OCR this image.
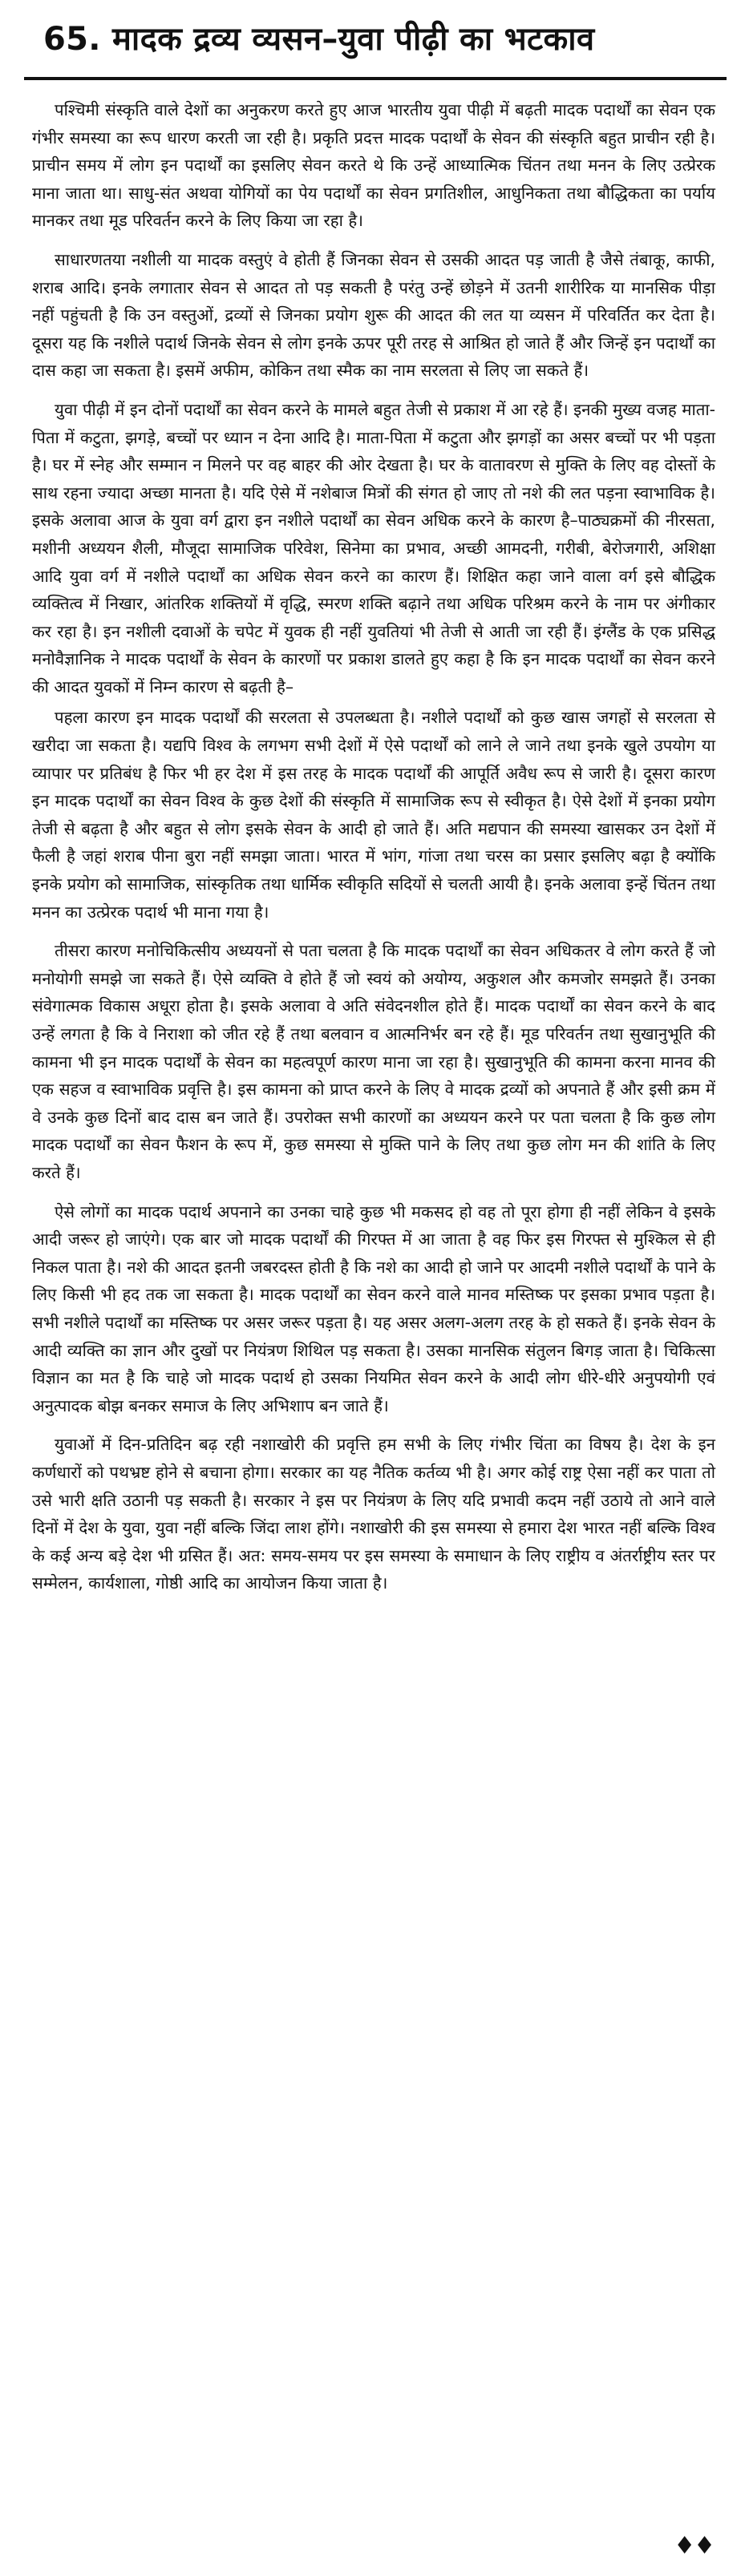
65. मादक द्रव्य व्यसन–युवा पीढ़ी का भटकाव

पश्चिमी संस्कृति वाले देशों का अनुकरण करते हुए आज भारतीय युवा पीढ़ी में बढ़ती मादक पदार्थों का सेवन एक गंभीर समस्या का रूप धारण करती जा रही है। प्रकृति प्रदत्त मादक पदार्थों के सेवन की संस्कृति बहुत प्राचीन रही है। प्राचीन समय में लोग इन पदार्थों का इसलिए सेवन करते थे कि उन्हें आध्यात्मिक चिंतन तथा मनन के लिए उत्प्रेरक माना जाता था। साधु-संत अथवा योगियों का पेय पदार्थों का सेवन प्रगतिशील, आधुनिकता तथा बौद्धिकता का पर्याय मानकर तथा मूड परिवर्तन करने के लिए किया जा रहा है।

साधारणतया नशीली या मादक वस्तुएं वे होती हैं जिनका सेवन से उसकी आदत पड़ जाती है जैसे तंबाकू, काफी, शराब आदि। इनके लगातार सेवन से आदत तो पड़ सकती है परंतु उन्हें छोड़ने में उतनी शारीरिक या मानसिक पीड़ा नहीं पहुंचती है कि उन वस्तुओं, द्रव्यों से जिनका प्रयोग शुरू की आदत की लत या व्यसन में परिवर्तित कर देता है। दूसरा यह कि नशीले पदार्थ जिनके सेवन से लोग इनके ऊपर पूरी तरह से आश्रित हो जाते हैं और जिन्हें इन पदार्थों का दास कहा जा सकता है। इसमें अफीम, कोकिन तथा स्मैक का नाम सरलता से लिए जा सकते हैं।

युवा पीढ़ी में इन दोनों पदार्थों का सेवन करने के मामले बहुत तेजी से प्रकाश में आ रहे हैं। इनकी मुख्य वजह माता-पिता में कटुता, झगड़े, बच्चों पर ध्यान न देना आदि है। माता-पिता में कटुता और झगड़ों का असर बच्चों पर भी पड़ता है। घर में स्नेह और सम्मान न मिलने पर वह बाहर की ओर देखता है। घर के वातावरण से मुक्ति के लिए वह दोस्तों के साथ रहना ज्यादा अच्छा मानता है। यदि ऐसे में नशेबाज मित्रों की संगत हो जाए तो नशे की लत पड़ना स्वाभाविक है। इसके अलावा आज के युवा वर्ग द्वारा इन नशीले पदार्थों का सेवन अधिक करने के कारण है–पाठ्यक्रमों की नीरसता, मशीनी अध्ययन शैली, मौजूदा सामाजिक परिवेश, सिनेमा का प्रभाव, अच्छी आमदनी, गरीबी, बेरोजगारी, अशिक्षा आदि युवा वर्ग में नशीले पदार्थों का अधिक सेवन करने का कारण हैं। शिक्षित कहा जाने वाला वर्ग इसे बौद्धिक व्यक्तित्व में निखार, आंतरिक शक्तियों में वृद्धि, स्मरण शक्ति बढ़ाने तथा अधिक परिश्रम करने के नाम पर अंगीकार कर रहा है। इन नशीली दवाओं के चपेट में युवक ही नहीं युवतियां भी तेजी से आती जा रही हैं। इंग्लैंड के एक प्रसिद्ध मनोवैज्ञानिक ने मादक पदार्थों के सेवन के कारणों पर प्रकाश डालते हुए कहा है कि इन मादक पदार्थों का सेवन करने की आदत युवकों में निम्न कारण से बढ़ती है–

पहला कारण इन मादक पदार्थों की सरलता से उपलब्धता है। नशीले पदार्थों को कुछ खास जगहों से सरलता से खरीदा जा सकता है। यद्यपि विश्व के लगभग सभी देशों में ऐसे पदार्थों को लाने ले जाने तथा इनके खुले उपयोग या व्यापार पर प्रतिबंध है फिर भी हर देश में इस तरह के मादक पदार्थों की आपूर्ति अवैध रूप से जारी है। दूसरा कारण इन मादक पदार्थों का सेवन विश्व के कुछ देशों की संस्कृति में सामाजिक रूप से स्वीकृत है। ऐसे देशों में इनका प्रयोग तेजी से बढ़ता है और बहुत से लोग इसके सेवन के आदी हो जाते हैं। अति मद्यपान की समस्या खासकर उन देशों में फैली है जहां शराब पीना बुरा नहीं समझा जाता। भारत में भांग, गांजा तथा चरस का प्रसार इसलिए बढ़ा है क्योंकि इनके प्रयोग को सामाजिक, सांस्कृतिक तथा धार्मिक स्वीकृति सदियों से चलती आयी है। इनके अलावा इन्हें चिंतन तथा मनन का उत्प्रेरक पदार्थ भी माना गया है।

तीसरा कारण मनोचिकित्सीय अध्ययनों से पता चलता है कि मादक पदार्थों का सेवन अधिकतर वे लोग करते हैं जो मनोयोगी समझे जा सकते हैं। ऐसे व्यक्ति वे होते हैं जो स्वयं को अयोग्य, अकुशल और कमजोर समझते हैं। उनका संवेगात्मक विकास अधूरा होता है। इसके अलावा वे अति संवेदनशील होते हैं। मादक पदार्थों का सेवन करने के बाद उन्हें लगता है कि वे निराशा को जीत रहे हैं तथा बलवान व आत्मनिर्भर बन रहे हैं। मूड परिवर्तन तथा सुखानुभूति की कामना भी इन मादक पदार्थों के सेवन का महत्वपूर्ण कारण माना जा रहा है। सुखानुभूति की कामना करना मानव की एक सहज व स्वाभाविक प्रवृत्ति है। इस कामना को प्राप्त करने के लिए वे मादक द्रव्यों को अपनाते हैं और इसी क्रम में वे उनके कुछ दिनों बाद दास बन जाते हैं। उपरोक्त सभी कारणों का अध्ययन करने पर पता चलता है कि कुछ लोग मादक पदार्थों का सेवन फैशन के रूप में, कुछ समस्या से मुक्ति पाने के लिए तथा कुछ लोग मन की शांति के लिए करते हैं।

ऐसे लोगों का मादक पदार्थ अपनाने का उनका चाहे कुछ भी मकसद हो वह तो पूरा होगा ही नहीं लेकिन वे इसके आदी जरूर हो जाएंगे। एक बार जो मादक पदार्थों की गिरफ्त में आ जाता है वह फिर इस गिरफ्त से मुश्किल से ही निकल पाता है। नशे की आदत इतनी जबरदस्त होती है कि नशे का आदी हो जाने पर आदमी नशीले पदार्थों के पाने के लिए किसी भी हद तक जा सकता है। मादक पदार्थों का सेवन करने वाले मानव मस्तिष्क पर इसका प्रभाव पड़ता है। सभी नशीले पदार्थों का मस्तिष्क पर असर जरूर पड़ता है। यह असर अलग-अलग तरह के हो सकते हैं। इनके सेवन के आदी व्यक्ति का ज्ञान और दुखों पर नियंत्रण शिथिल पड़ सकता है। उसका मानसिक संतुलन बिगड़ जाता है। चिकित्सा विज्ञान का मत है कि चाहे जो मादक पदार्थ हो उसका नियमित सेवन करने के आदी लोग धीरे-धीरे अनुपयोगी एवं अनुत्पादक बोझ बनकर समाज के लिए अभिशाप बन जाते हैं।

युवाओं में दिन-प्रतिदिन बढ़ रही नशाखोरी की प्रवृत्ति हम सभी के लिए गंभीर चिंता का विषय है। देश के इन कर्णधारों को पथभ्रष्ट होने से बचाना होगा। सरकार का यह नैतिक कर्तव्य भी है। अगर कोई राष्ट्र ऐसा नहीं कर पाता तो उसे भारी क्षति उठानी पड़ सकती है। सरकार ने इस पर नियंत्रण के लिए यदि प्रभावी कदम नहीं उठाये तो आने वाले दिनों में देश के युवा, युवा नहीं बल्कि जिंदा लाश होंगे। नशाखोरी की इस समस्या से हमारा देश भारत नहीं बल्कि विश्व के कई अन्य बड़े देश भी ग्रसित हैं। अत: समय-समय पर इस समस्या के समाधान के लिए राष्ट्रीय व अंतर्राष्ट्रीय स्तर पर सम्मेलन, कार्यशाला, गोष्ठी आदि का आयोजन किया जाता है।

♦♦
